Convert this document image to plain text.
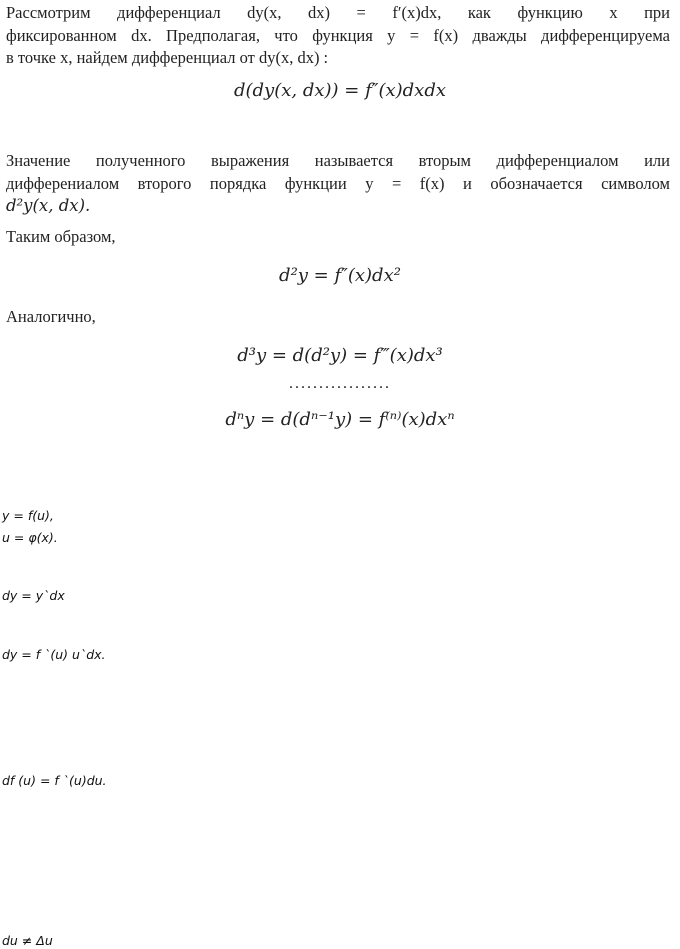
Рассмотрим дифференциал dy(x, dx) = f′(x)dx, как функцию x при
фиксированном dx. Предполагая, что функция y = f(x) дважды дифференцируема

в точке x, найдем дифференциал от dy(x, dx) :
d(dy(x, dx)) = f″(x)dxdx
Значение полученного выражения называется вторым дифференциалом или
дифферениалом второго порядка функции y = f(x) и обозначается символом

d²y(x, dx).
Таким образом,
d²y = f″(x)dx²
Аналогично,
d³y = d(d²y) = f‴(x)dx³
.................
dⁿy = d(dⁿ⁻¹y) = f⁽ⁿ⁾(x)dxⁿ
y = f(u),
u = φ(x).
dy = y`dx
dy = f `(u) u`dx.
df (u) = f `(u)du.
du ≠ Δu
